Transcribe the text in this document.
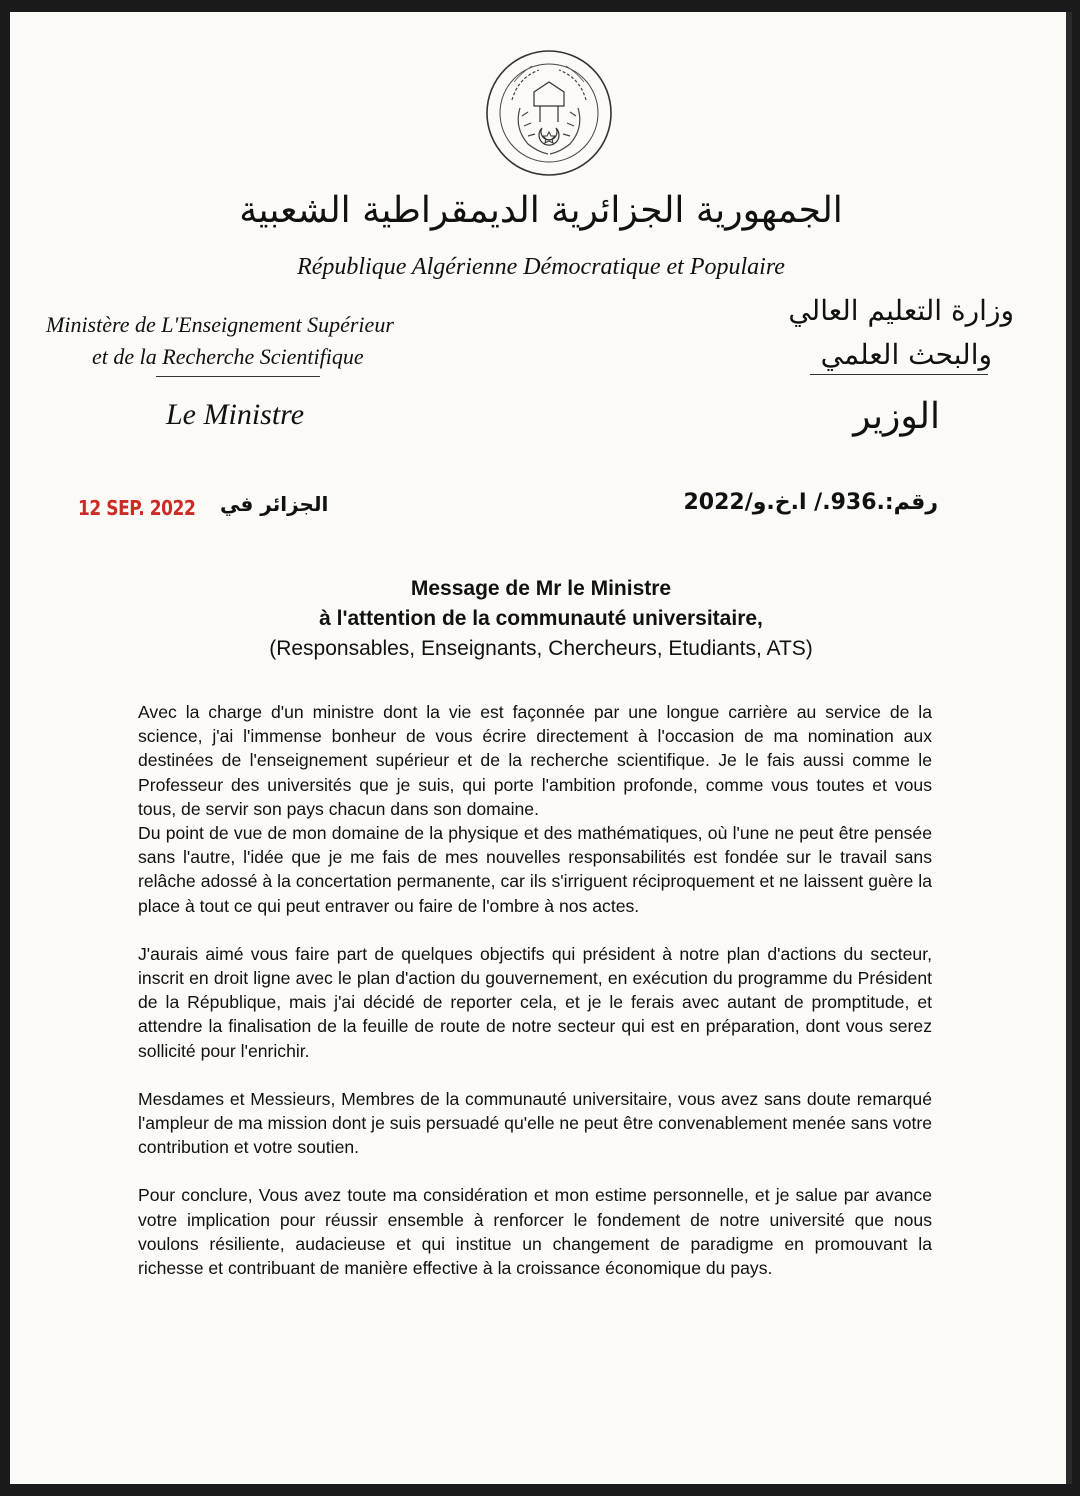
الجمهورية الجزائرية الديمقراطية الشعبية
République Algérienne Démocratique et Populaire
Ministère de L'Enseignement Supérieur
et de la Recherche Scientifique
وزارة التعليم العالي
والبحث العلمي
Le Ministre	الوزير
12 SEP. 2022 الجزائر في	رقم:.936./ ا.خ.و/2022
Message de Mr le Ministre
à l'attention de la communauté universitaire,
(Responsables, Enseignants, Chercheurs, Etudiants, ATS)

Avec la charge d'un ministre dont la vie est façonnée par une longue carrière au service de la science, j'ai l'immense bonheur de vous écrire directement à l'occasion de ma nomination aux destinées de l'enseignement supérieur et de la recherche scientifique. Je le fais aussi comme le Professeur des universités que je suis, qui porte l'ambition profonde, comme vous toutes et vous tous, de servir son pays chacun dans son domaine.

Du point de vue de mon domaine de la physique et des mathématiques, où l'une ne peut être pensée sans l'autre, l'idée que je me fais de mes nouvelles responsabilités est fondée sur le travail sans relâche adossé à la concertation permanente, car ils s'irriguent réciproquement et ne laissent guère la place à tout ce qui peut entraver ou faire de l'ombre à nos actes.

J'aurais aimé vous faire part de quelques objectifs qui président à notre plan d'actions du secteur, inscrit en droit ligne avec le plan d'action du gouvernement, en exécution du programme du Président de la République, mais j'ai décidé de reporter cela, et je le ferais avec autant de promptitude, et attendre la finalisation de la feuille de route de notre secteur qui est en préparation, dont vous serez sollicité pour l'enrichir.

Mesdames et Messieurs, Membres de la communauté universitaire, vous avez sans doute remarqué l'ampleur de ma mission dont je suis persuadé qu'elle ne peut être convenablement menée sans votre contribution et votre soutien.

Pour conclure, Vous avez toute ma considération et mon estime personnelle, et je salue par avance votre implication pour réussir ensemble à renforcer le fondement de notre université que nous voulons résiliente, audacieuse et qui institue un changement de paradigme en promouvant la richesse et contribuant de manière effective à la croissance économique du pays.
